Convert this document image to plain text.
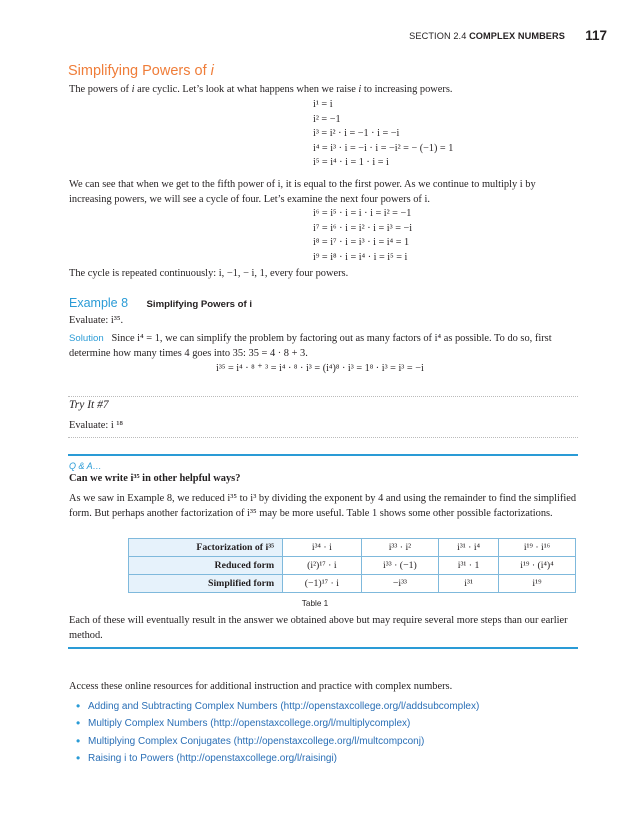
SECTION 2.4 COMPLEX NUMBERS 117
Simplifying Powers of i

The powers of i are cyclic. Let’s look at what happens when we raise i to increasing powers.

i¹ = i
i² = −1
i³ = i² · i = −1 · i = −i
i⁴ = i³ · i = −i · i = −i² = − (−1) = 1
i⁵ = i⁴ · i = 1 · i = i

We can see that when we get to the fifth power of i, it is equal to the first power. As we continue to multiply i by increasing powers, we will see a cycle of four. Let’s examine the next four powers of i.

i⁶ = i⁵ · i = i · i = i² = −1
i⁷ = i⁶ · i = i² · i = i³ = −i
i⁸ = i⁷ · i = i³ · i = i⁴ = 1
i⁹ = i⁸ · i = i⁴ · i = i⁵ = i

The cycle is repeated continuously: i, −1, − i, 1, every four powers.

Example 8 Simplifying Powers of i

Evaluate: i³⁵.

Solution Since i⁴ = 1, we can simplify the problem by factoring out as many factors of i⁴ as possible. To do so, first determine how many times 4 goes into 35: 35 = 4 · 8 + 3.

i³⁵ = i⁴ · ⁸ ⁺ ³ = i⁴ · ⁸ · i³ = (i⁴)⁸ · i³ = 1⁸ · i³ = i³ = −i
Try It #7

Evaluate: i ¹⁸

Q & A…

Can we write i³⁵ in other helpful ways?

As we saw in Example 8, we reduced i³⁵ to i³ by dividing the exponent by 4 and using the remainder to find the simplified form. But perhaps another factorization of i³⁵ may be more useful. Table 1 shows some other possible factorizations.

Factorization of i³⁵	i³⁴ · i	i³³ · i²	i³¹ · i⁴	i¹⁹ · i¹⁶
Reduced form	(i²)¹⁷ · i	i³³ · (−1)	i³¹ · 1	i¹⁹ · (i⁴)⁴
Simplified form	(−1)¹⁷ · i	−i³³	i³¹	i¹⁹
Table 1

Each of these will eventually result in the answer we obtained above but may require several more steps than our earlier method.

Access these online resources for additional instruction and practice with complex numbers.

• Adding and Subtracting Complex Numbers (http://openstaxcollege.org/l/addsubcomplex)
• Multiply Complex Numbers (http://openstaxcollege.org/l/multiplycomplex)
• Multiplying Complex Conjugates (http://openstaxcollege.org/l/multcompconj)
• Raising i to Powers (http://openstaxcollege.org/l/raisingi)
